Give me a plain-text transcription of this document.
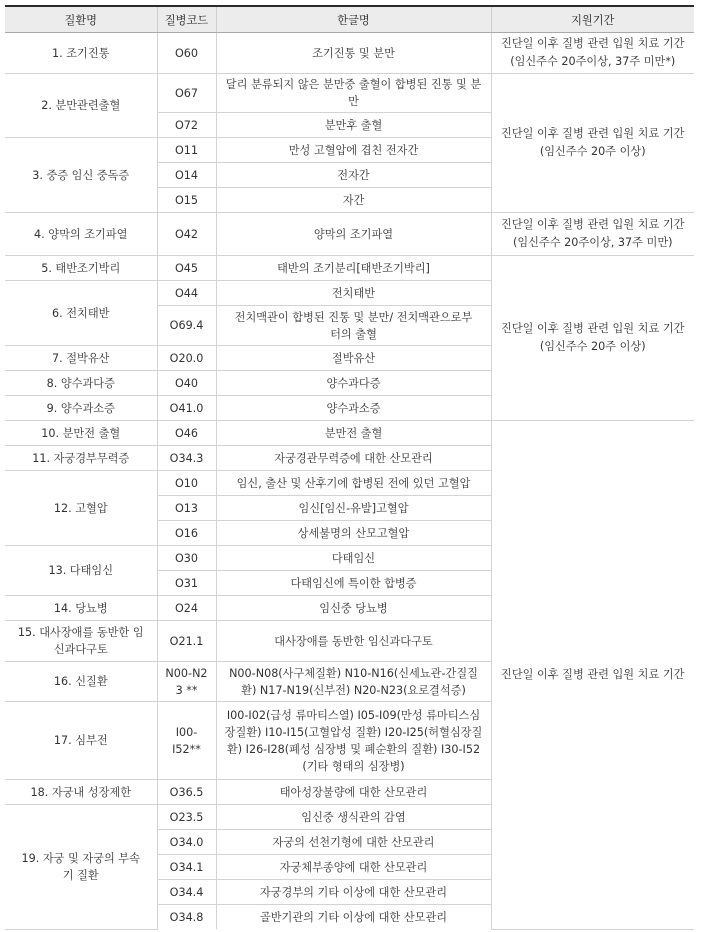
질환명	질병코드	한글명	지원기간
1. 조기진통	O60	조기진통 및 분만	진단일 이후 질병 관련 입원 치료 기간
(임신주수 20주이상, 37주 미만*)
2. 분만관련출혈	O67	달리 분류되지 않은 분만중 출혈이 합병된 진통 및 분만	진단일 이후 질병 관련 입원 치료 기간
(임신주수 20주 이상)
	O72	분만후 출혈	
3. 중증 임신 중독증	O11	만성 고혈압에 겹친 전자간	
	O14	전자간	
	O15	자간	
4. 양막의 조기파열	O42	양막의 조기파열	진단일 이후 질병 관련 입원 치료 기간
(임신주수 20주이상, 37주 미만)
5. 태반조기박리	O45	태반의 조기분리[태반조기박리]	진단일 이후 질병 관련 입원 치료 기간
(임신주수 20주 이상)
6. 전치태반	O44	전치태반	
	O69.4	전치맥관이 합병된 진통 및 분만/ 전치맥관으로부터의 출혈	
7. 절박유산	O20.0	절박유산	
8. 양수과다증	O40	양수과다증	
9. 양수과소증	O41.0	양수과소증	
10. 분만전 출혈	O46	분만전 출혈	진단일 이후 질병 관련 입원 치료 기간
11. 자궁경부무력증	O34.3	자궁경관무력증에 대한 산모관리	
12. 고혈압	O10	임신, 출산 및 산후기에 합병된 전에 있던 고혈압	
	O13	임신[임신-유발]고혈압	
	O16	상세불명의 산모고혈압	
13. 다태임신	O30	다태임신	
	O31	다태임신에 특이한 합병증	
14. 당뇨병	O24	임신중 당뇨병	
15. 대사장애를 동반한 임신과다구토	O21.1	대사장애를 동반한 임신과다구토	
16. 신질환	N00-N23 **	N00-N08(사구체질환) N10-N16(신세뇨관-간질질환) N17-N19(신부전) N20-N23(요로결석증)	
17. 심부전	I00-I52**	I00-I02(급성 류마티스열) I05-I09(만성 류마티스심장질환) I10-I15(고혈압성 질환) I20-I25(허혈심장질환) I26-I28(폐성 심장병 및 폐순환의 질환) I30-I52(기타 형태의 심장병)	
18. 자궁내 성장제한	O36.5	태아성장불량에 대한 산모관리	
19. 자궁 및 자궁의 부속기 질환	O23.5	임신중 생식관의 감염	
	O34.0	자궁의 선천기형에 대한 산모관리	
	O34.1	자궁체부종양에 대한 산모관리	
	O34.4	자궁경부의 기타 이상에 대한 산모관리	
	O34.8	골반기관의 기타 이상에 대한 산모관리	
